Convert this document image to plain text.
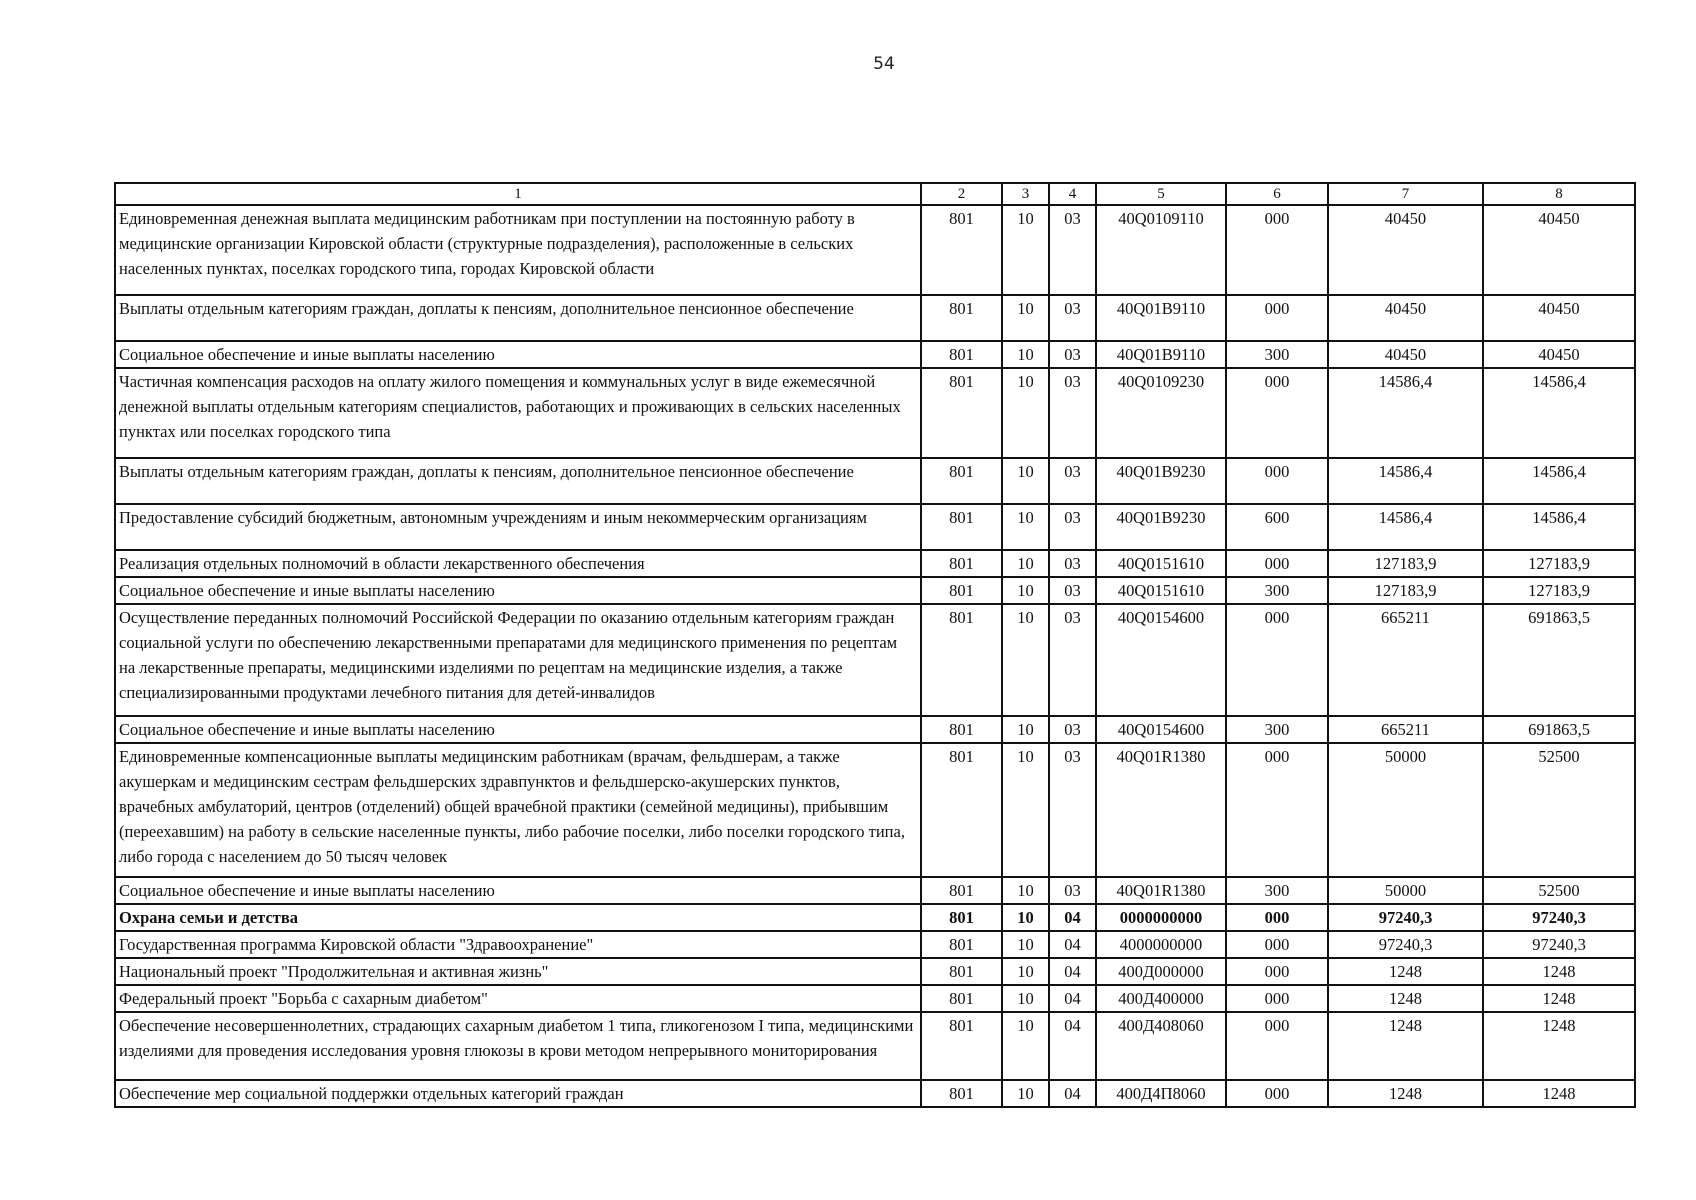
54
1	2	3	4	5	6	7	8
Единовременная денежная выплата медицинским работникам при поступлении на постоянную работу в медицинские организации Кировской области (структурные подразделения), расположенные в сельских населенных пунктах, поселках городского типа, городах Кировской области	801	10	03	40Q0109110	000	40450	40450
Выплаты отдельным категориям граждан, доплаты к пенсиям, дополнительное пенсионное обеспечение	801	10	03	40Q01B9110	000	40450	40450
Социальное обеспечение и иные выплаты населению	801	10	03	40Q01B9110	300	40450	40450
Частичная компенсация расходов на оплату жилого помещения и коммунальных услуг в виде ежемесячной денежной выплаты отдельным категориям специалистов, работающих и проживающих в сельских населенных пунктах или поселках городского типа	801	10	03	40Q0109230	000	14586,4	14586,4
Выплаты отдельным категориям граждан, доплаты к пенсиям, дополнительное пенсионное обеспечение	801	10	03	40Q01B9230	000	14586,4	14586,4
Предоставление субсидий бюджетным, автономным учреждениям и иным некоммерческим организациям	801	10	03	40Q01B9230	600	14586,4	14586,4
Реализация отдельных полномочий в области лекарственного обеспечения	801	10	03	40Q0151610	000	127183,9	127183,9
Социальное обеспечение и иные выплаты населению	801	10	03	40Q0151610	300	127183,9	127183,9
Осуществление переданных полномочий Российской Федерации по оказанию отдельным категориям граждан социальной услуги по обеспечению лекарственными препаратами для медицинского применения по рецептам на лекарственные препараты, медицинскими изделиями по рецептам на медицинские изделия, а также специализированными продуктами лечебного питания для детей-инвалидов	801	10	03	40Q0154600	000	665211	691863,5
Социальное обеспечение и иные выплаты населению	801	10	03	40Q0154600	300	665211	691863,5
Единовременные компенсационные выплаты медицинским работникам (врачам, фельдшерам, а также акушеркам и медицинским сестрам фельдшерских здравпунктов и фельдшерско-акушерских пунктов, врачебных амбулаторий, центров (отделений) общей врачебной практики (семейной медицины), прибывшим (переехавшим) на работу в сельские населенные пункты, либо рабочие поселки, либо поселки городского типа, либо города с населением до 50 тысяч человек	801	10	03	40Q01R1380	000	50000	52500
Социальное обеспечение и иные выплаты населению	801	10	03	40Q01R1380	300	50000	52500
Охрана семьи и детства	801	10	04	0000000000	000	97240,3	97240,3
Государственная программа Кировской области "Здравоохранение"	801	10	04	4000000000	000	97240,3	97240,3
Национальный проект "Продолжительная и активная жизнь"	801	10	04	400Д000000	000	1248	1248
Федеральный проект "Борьба с сахарным диабетом"	801	10	04	400Д400000	000	1248	1248
Обеспечение несовершеннолетних, страдающих сахарным диабетом 1 типа, гликогенозом I типа, медицинскими изделиями для проведения исследования уровня глюкозы в крови методом непрерывного мониторирования	801	10	04	400Д408060	000	1248	1248
Обеспечение мер социальной поддержки отдельных категорий граждан	801	10	04	400Д4П8060	000	1248	1248
